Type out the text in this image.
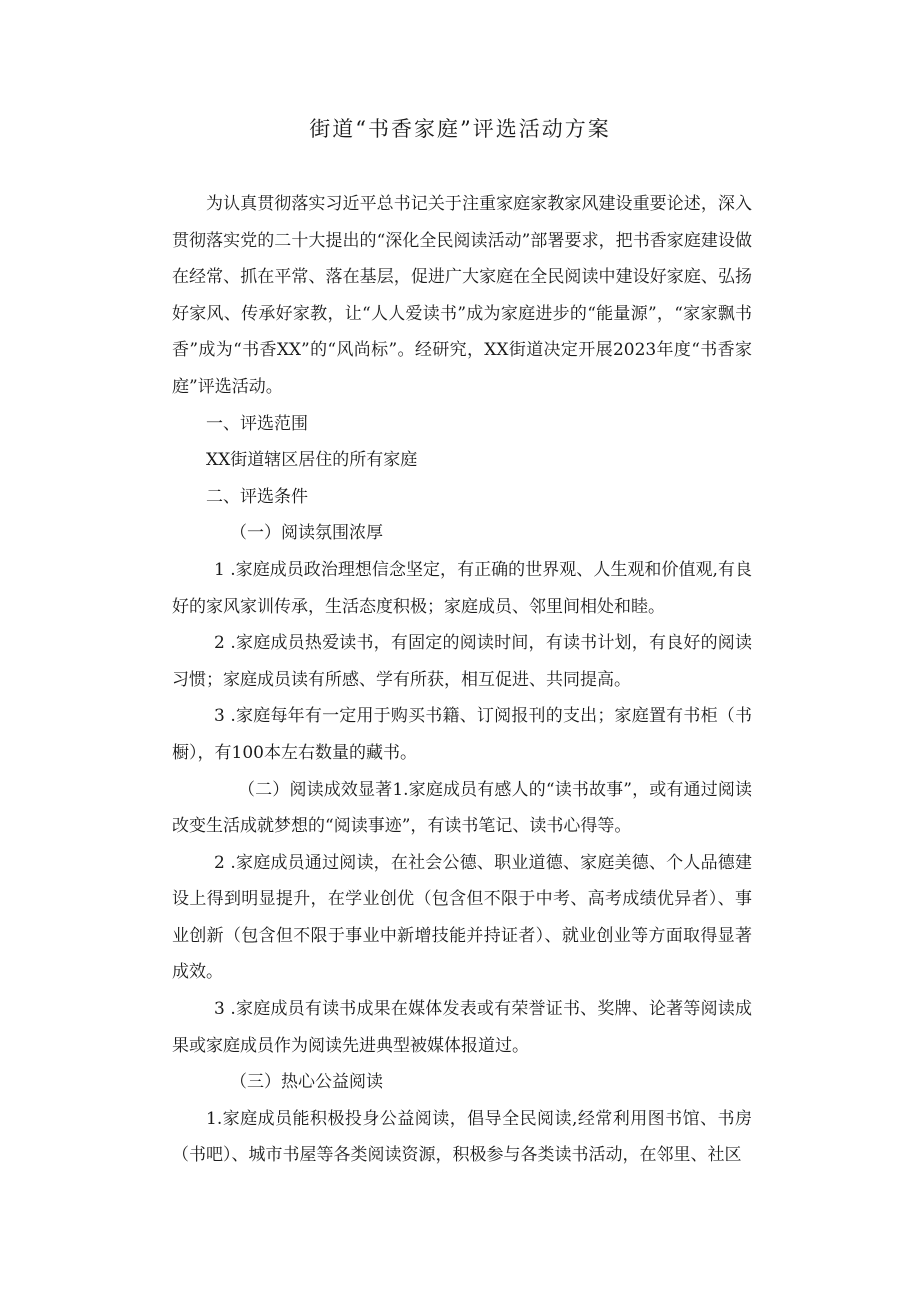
街道“书香家庭”评选活动方案

为认真贯彻落实习近平总书记关于注重家庭家教家风建设重要论述，深入贯彻落实党的二十大提出的“深化全民阅读活动”部署要求，把书香家庭建设做在经常、抓在平常、落在基层，促进广大家庭在全民阅读中建设好家庭、弘扬好家风、传承好家教，让“人人爱读书”成为家庭进步的“能量源”，“家家飘书香”成为“书香XX”的“风尚标”。经研究，XX街道决定开展2023年度“书香家庭”评选活动。

一、评选范围

XX街道辖区居住的所有家庭

二、评选条件

（一）阅读氛围浓厚

1 .家庭成员政治理想信念坚定，有正确的世界观、人生观和价值观,有良好的家风家训传承，生活态度积极；家庭成员、邻里间相处和睦。

2 .家庭成员热爱读书，有固定的阅读时间，有读书计划，有良好的阅读习惯；家庭成员读有所感、学有所获，相互促进、共同提高。

3 .家庭每年有一定用于购买书籍、订阅报刊的支出；家庭置有书柜（书橱），有100本左右数量的藏书。

（二）阅读成效显著1.家庭成员有感人的“读书故事”，或有通过阅读改变生活成就梦想的“阅读事迹”，有读书笔记、读书心得等。

2 .家庭成员通过阅读，在社会公德、职业道德、家庭美德、个人品德建设上得到明显提升，在学业创优（包含但不限于中考、高考成绩优异者）、事业创新（包含但不限于事业中新增技能并持证者）、就业创业等方面取得显著成效。

3 .家庭成员有读书成果在媒体发表或有荣誉证书、奖牌、论著等阅读成果或家庭成员作为阅读先进典型被媒体报道过。

（三）热心公益阅读

1.家庭成员能积极投身公益阅读，倡导全民阅读,经常利用图书馆、书房（书吧）、城市书屋等各类阅读资源，积极参与各类读书活动，在邻里、社区
